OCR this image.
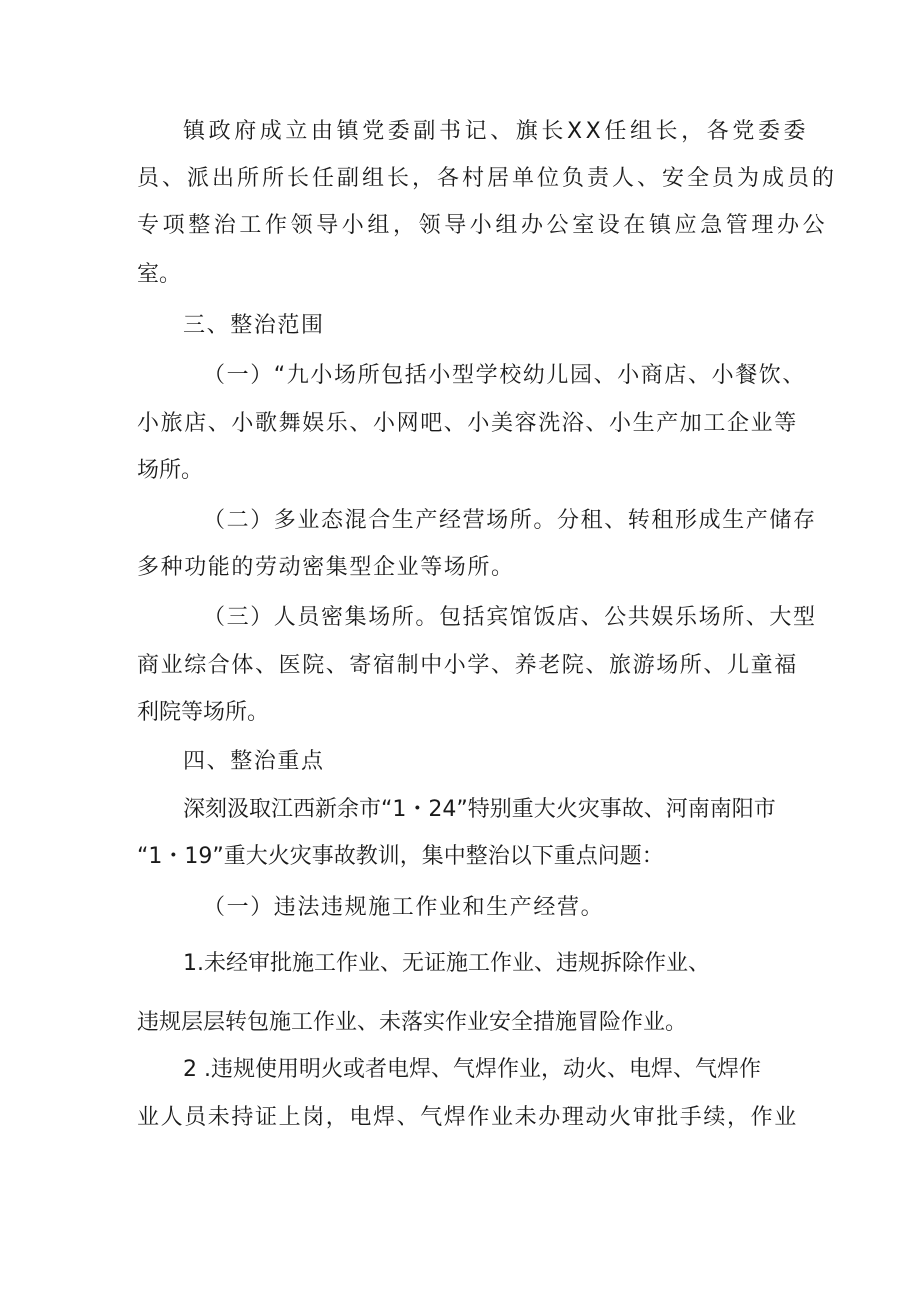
镇政府成立由镇党委副书记、旗长XX任组长，各党委委
员、派出所所长任副组长，各村居单位负责人、安全员为成员的
专项整治工作领导小组，领导小组办公室设在镇应急管理办公
室。
三、整治范围
（一）“九小场所包括小型学校幼儿园、小商店、小餐饮、
小旅店、小歌舞娱乐、小网吧、小美容洗浴、小生产加工企业等
场所。
（二）多业态混合生产经营场所。分租、转租形成生产储存
多种功能的劳动密集型企业等场所。
（三）人员密集场所。包括宾馆饭店、公共娱乐场所、大型
商业综合体、医院、寄宿制中小学、养老院、旅游场所、儿童福
利院等场所。
四、整治重点
深刻汲取江西新余市“1・24”特别重大火灾事故、河南南阳市
“1・19”重大火灾事故教训，集中整治以下重点问题：
（一）违法违规施工作业和生产经营。
1.未经审批施工作业、无证施工作业、违规拆除作业、
违规层层转包施工作业、未落实作业安全措施冒险作业。
2 .违规使用明火或者电焊、气焊作业，动火、电焊、气焊作
业人员未持证上岗，电焊、气焊作业未办理动火审批手续，作业
